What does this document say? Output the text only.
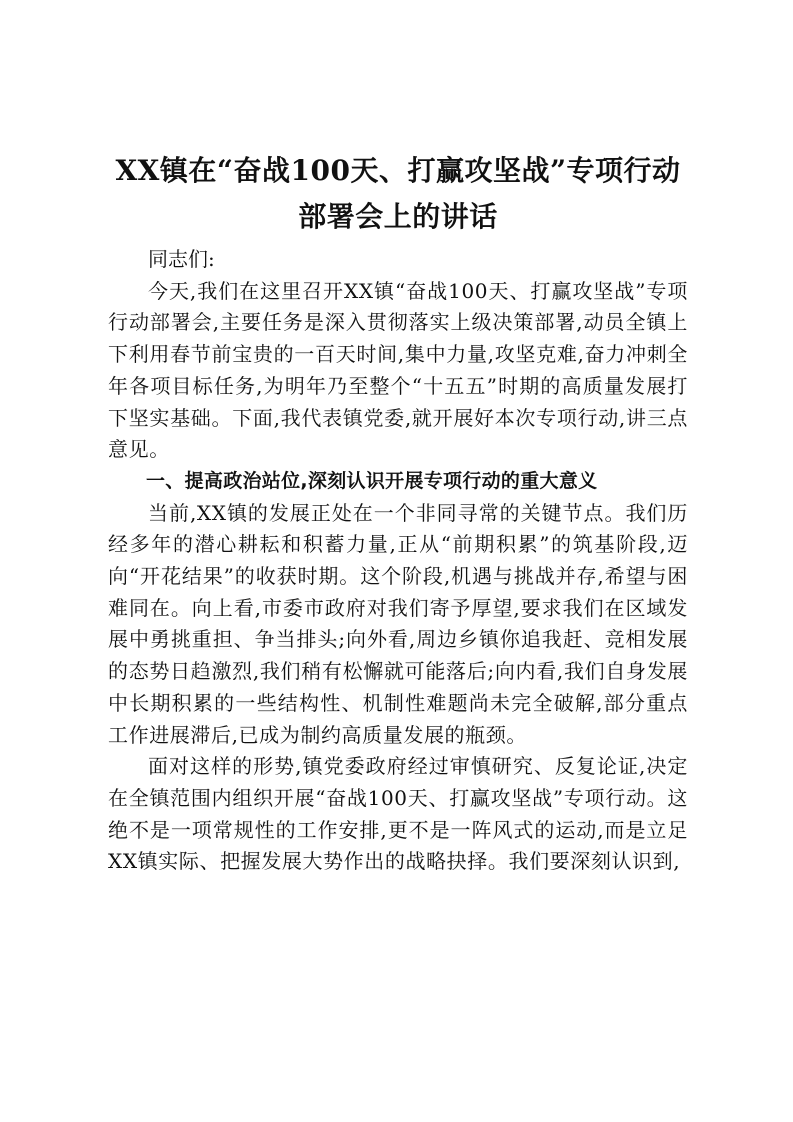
XX镇在“奋战100天、打赢攻坚战”专项行动部署会上的讲话

同志们:

今天,我们在这里召开XX镇“奋战100天、打赢攻坚战”专项行动部署会,主要任务是深入贯彻落实上级决策部署,动员全镇上下利用春节前宝贵的一百天时间,集中力量,攻坚克难,奋力冲刺全年各项目标任务,为明年乃至整个“十五五”时期的高质量发展打下坚实基础。下面,我代表镇党委,就开展好本次专项行动,讲三点意见。

一、提高政治站位,深刻认识开展专项行动的重大意义

当前,XX镇的发展正处在一个非同寻常的关键节点。我们历经多年的潜心耕耘和积蓄力量,正从“前期积累”的筑基阶段,迈向“开花结果”的收获时期。这个阶段,机遇与挑战并存,希望与困难同在。向上看,市委市政府对我们寄予厚望,要求我们在区域发展中勇挑重担、争当排头;向外看,周边乡镇你追我赶、竞相发展的态势日趋激烈,我们稍有松懈就可能落后;向内看,我们自身发展中长期积累的一些结构性、机制性难题尚未完全破解,部分重点工作进展滞后,已成为制约高质量发展的瓶颈。

面对这样的形势,镇党委政府经过审慎研究、反复论证,决定在全镇范围内组织开展“奋战100天、打赢攻坚战”专项行动。这绝不是一项常规性的工作安排,更不是一阵风式的运动,而是立足XX镇实际、把握发展大势作出的战略抉择。我们要深刻认识到,
